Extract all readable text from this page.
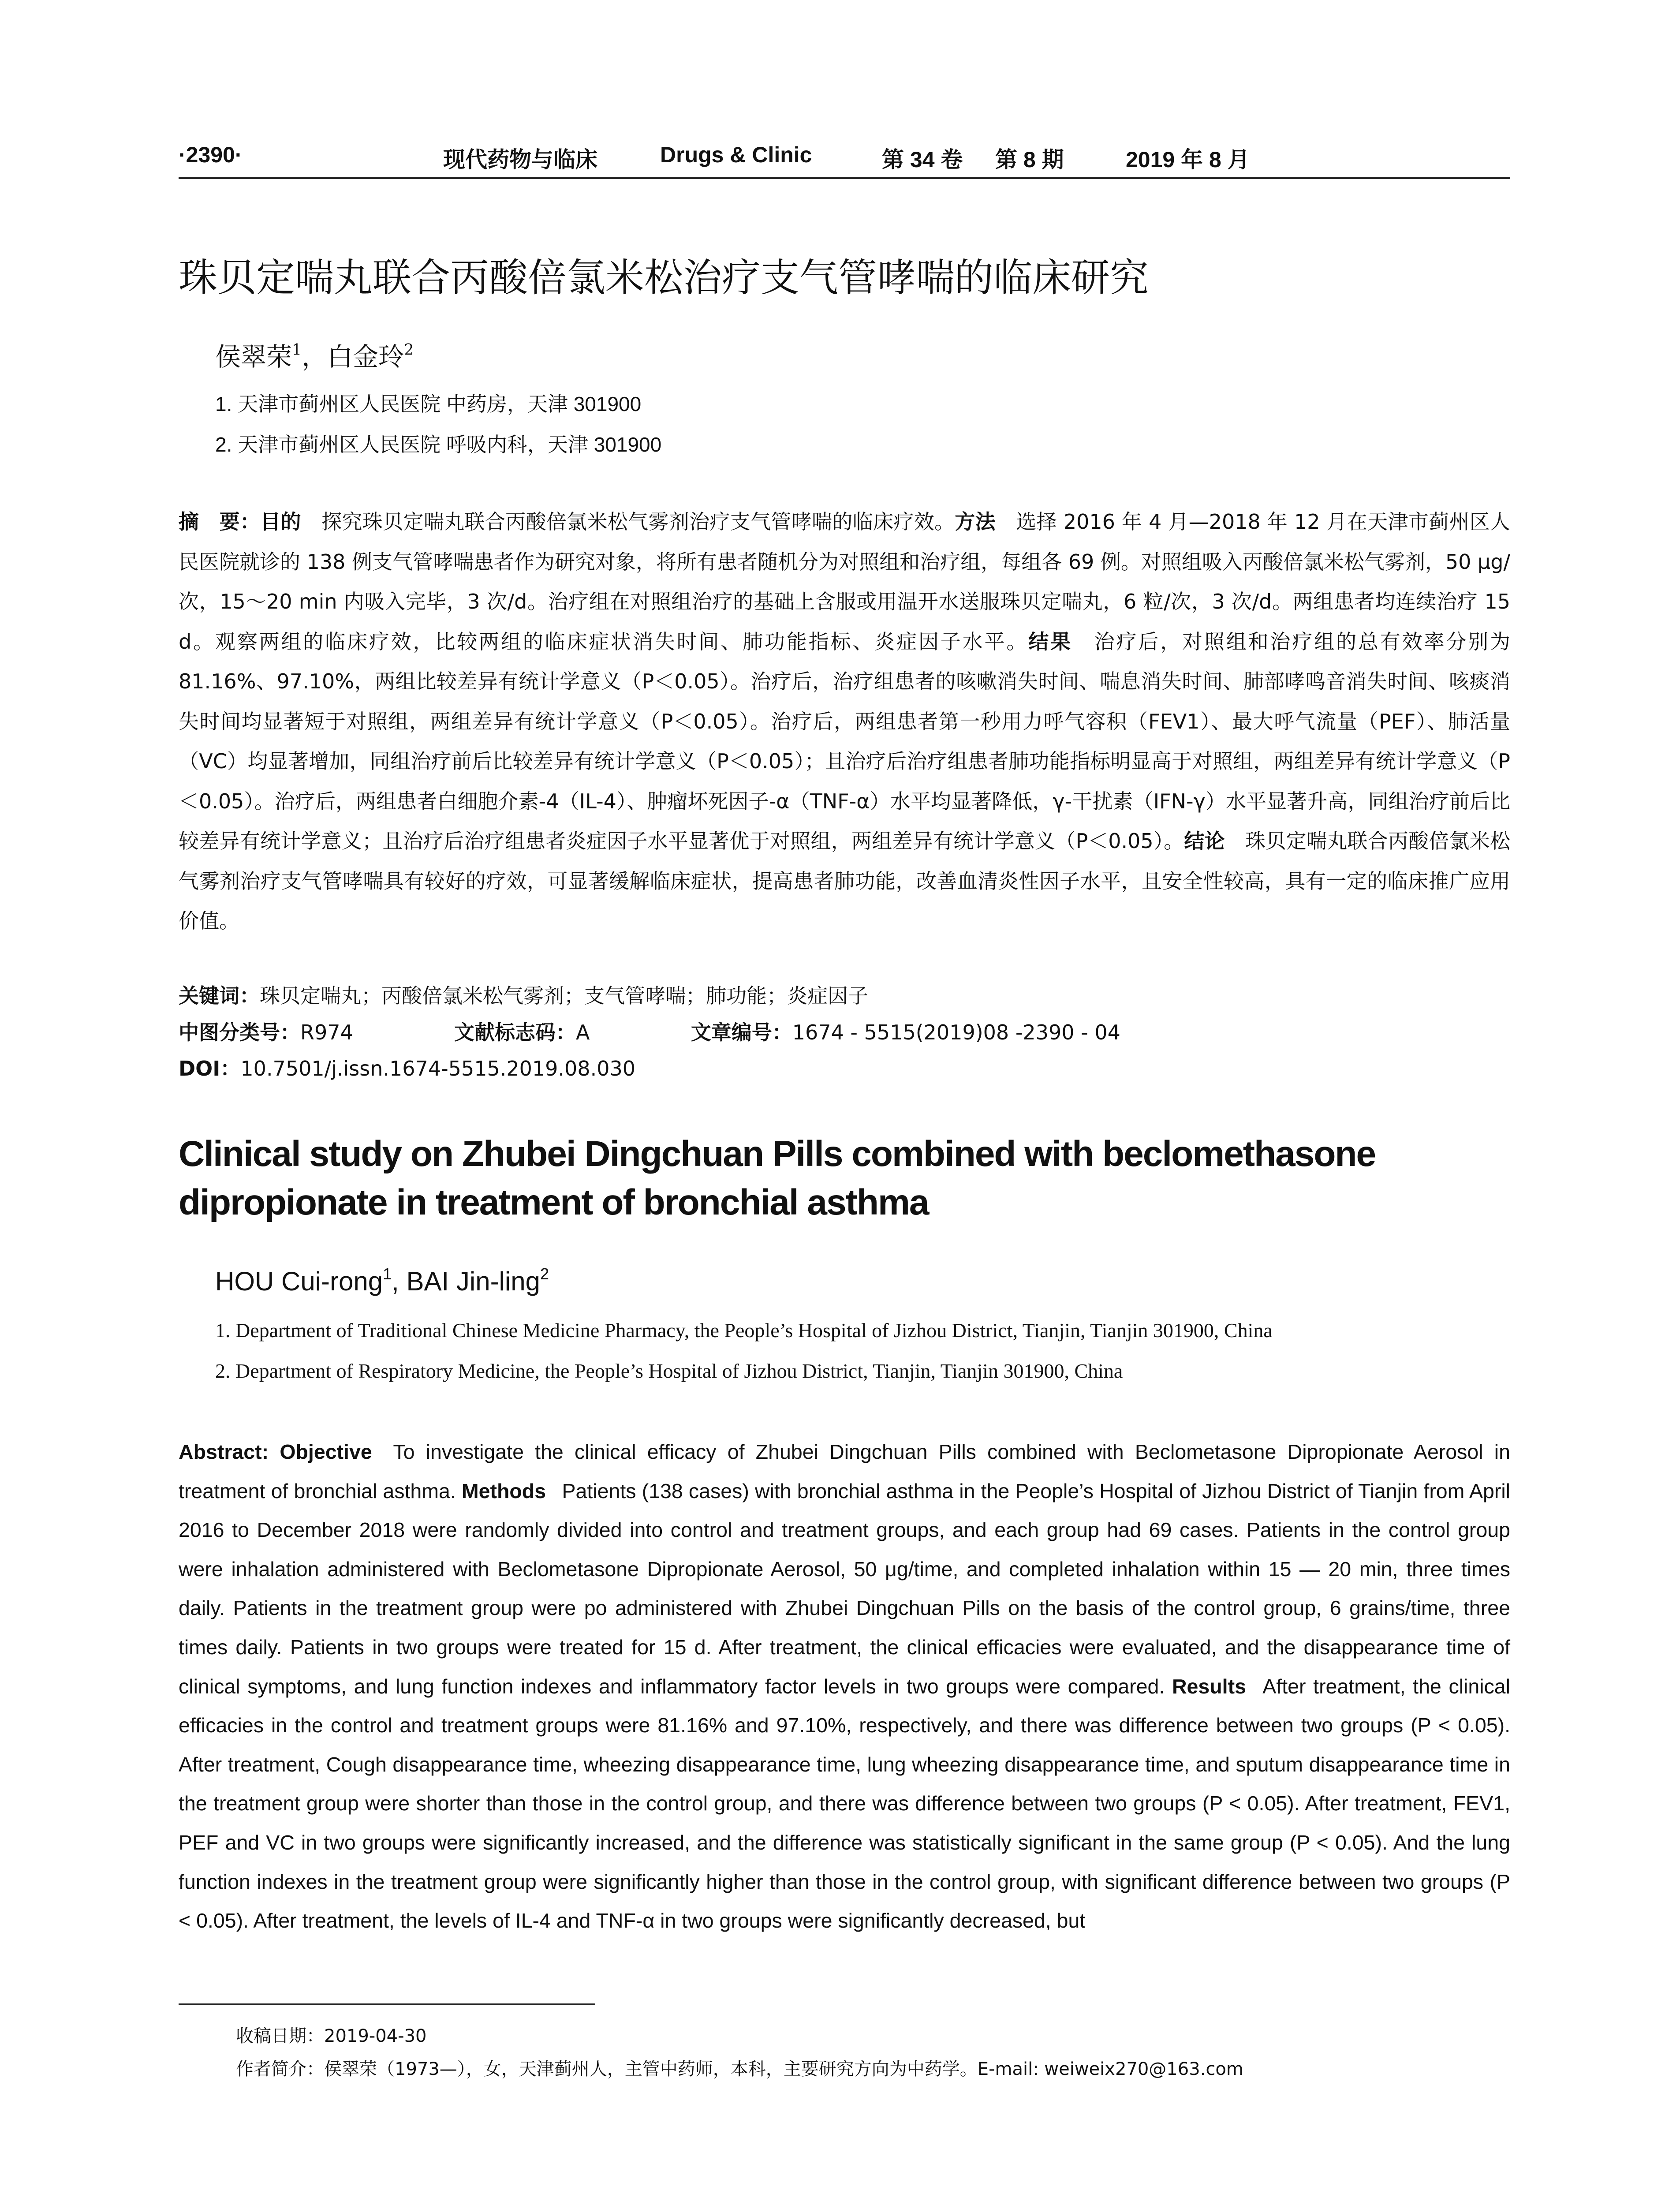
·2390·	现代药物与临床	Drugs & Clinic	第 34 卷 第 8 期	2019 年 8 月
珠贝定喘丸联合丙酸倍氯米松治疗支气管哮喘的临床研究
侯翠荣$^1$，白金玲$^2$
1. 天津市蓟州区人民医院 中药房，天津 301900
2. 天津市蓟州区人民医院 呼吸内科，天津 301900
摘　要：目的  探究珠贝定喘丸联合丙酸倍氯米松气雾剂治疗支气管哮喘的临床疗效。方法  选择 2016 年 4 月—2018 年 12 月在天津市蓟州区人民医院就诊的 138 例支气管哮喘患者作为研究对象，将所有患者随机分为对照组和治疗组，每组各 69 例。对照组吸入丙酸倍氯米松气雾剂，50 μg/次，15～20 min 内吸入完毕，3 次/d。治疗组在对照组治疗的基础上含服或用温开水送服珠贝定喘丸，6 粒/次，3 次/d。两组患者均连续治疗 15 d。观察两组的临床疗效，比较两组的临床症状消失时间、肺功能指标、炎症因子水平。结果  治疗后，对照组和治疗组的总有效率分别为 81.16%、97.10%，两组比较差异有统计学意义（P＜0.05）。治疗后，治疗组患者的咳嗽消失时间、喘息消失时间、肺部哮鸣音消失时间、咳痰消失时间均显著短于对照组，两组差异有统计学意义（P＜0.05）。治疗后，两组患者第一秒用力呼气容积（FEV1）、最大呼气流量（PEF）、肺活量（VC）均显著增加，同组治疗前后比较差异有统计学意义（P＜0.05）；且治疗后治疗组患者肺功能指标明显高于对照组，两组差异有统计学意义（P＜0.05）。治疗后，两组患者白细胞介素-4（IL-4）、肿瘤坏死因子-α（TNF-α）水平均显著降低，γ-干扰素（IFN-γ）水平显著升高，同组治疗前后比较差异有统计学意义；且治疗后治疗组患者炎症因子水平显著优于对照组，两组差异有统计学意义（P＜0.05）。结论  珠贝定喘丸联合丙酸倍氯米松气雾剂治疗支气管哮喘具有较好的疗效，可显著缓解临床症状，提高患者肺功能，改善血清炎性因子水平，且安全性较高，具有一定的临床推广应用价值。
关键词：珠贝定喘丸；丙酸倍氯米松气雾剂；支气管哮喘；肺功能；炎症因子
中图分类号：R974	文献标志码：A	文章编号：1674 - 5515(2019)08 -2390 - 04
DOI：10.7501/j.issn.1674-5515.2019.08.030
Clinical study on Zhubei Dingchuan Pills combined with beclomethasone dipropionate in treatment of bronchial asthma
HOU Cui-rong$^1$, BAI Jin-ling$^2$
1. Department of Traditional Chinese Medicine Pharmacy, the People’s Hospital of Jizhou District, Tianjin, Tianjin 301900, China
2. Department of Respiratory Medicine, the People’s Hospital of Jizhou District, Tianjin, Tianjin 301900, China
Abstract: Objective  To investigate the clinical efficacy of Zhubei Dingchuan Pills combined with Beclometasone Dipropionate Aerosol in treatment of bronchial asthma. Methods  Patients (138 cases) with bronchial asthma in the People’s Hospital of Jizhou District of Tianjin from April 2016 to December 2018 were randomly divided into control and treatment groups, and each group had 69 cases. Patients in the control group were inhalation administered with Beclometasone Dipropionate Aerosol, 50 μg/time, and completed inhalation within 15 — 20 min, three times daily. Patients in the treatment group were po administered with Zhubei Dingchuan Pills on the basis of the control group, 6 grains/time, three times daily. Patients in two groups were treated for 15 d. After treatment, the clinical efficacies were evaluated, and the disappearance time of clinical symptoms, and lung function indexes and inflammatory factor levels in two groups were compared. Results  After treatment, the clinical efficacies in the control and treatment groups were 81.16% and 97.10%, respectively, and there was difference between two groups (P < 0.05). After treatment, Cough disappearance time, wheezing disappearance time, lung wheezing disappearance time, and sputum disappearance time in the treatment group were shorter than those in the control group, and there was difference between two groups (P < 0.05). After treatment, FEV1, PEF and VC in two groups were significantly increased, and the difference was statistically significant in the same group (P < 0.05). And the lung function indexes in the treatment group were significantly higher than those in the control group, with significant difference between two groups (P < 0.05). After treatment, the levels of IL-4 and TNF-α in two groups were significantly decreased, but
收稿日期：2019-04-30
作者简介：侯翠荣（1973—），女，天津蓟州人，主管中药师，本科，主要研究方向为中药学。E-mail: weiweix270@163.com
